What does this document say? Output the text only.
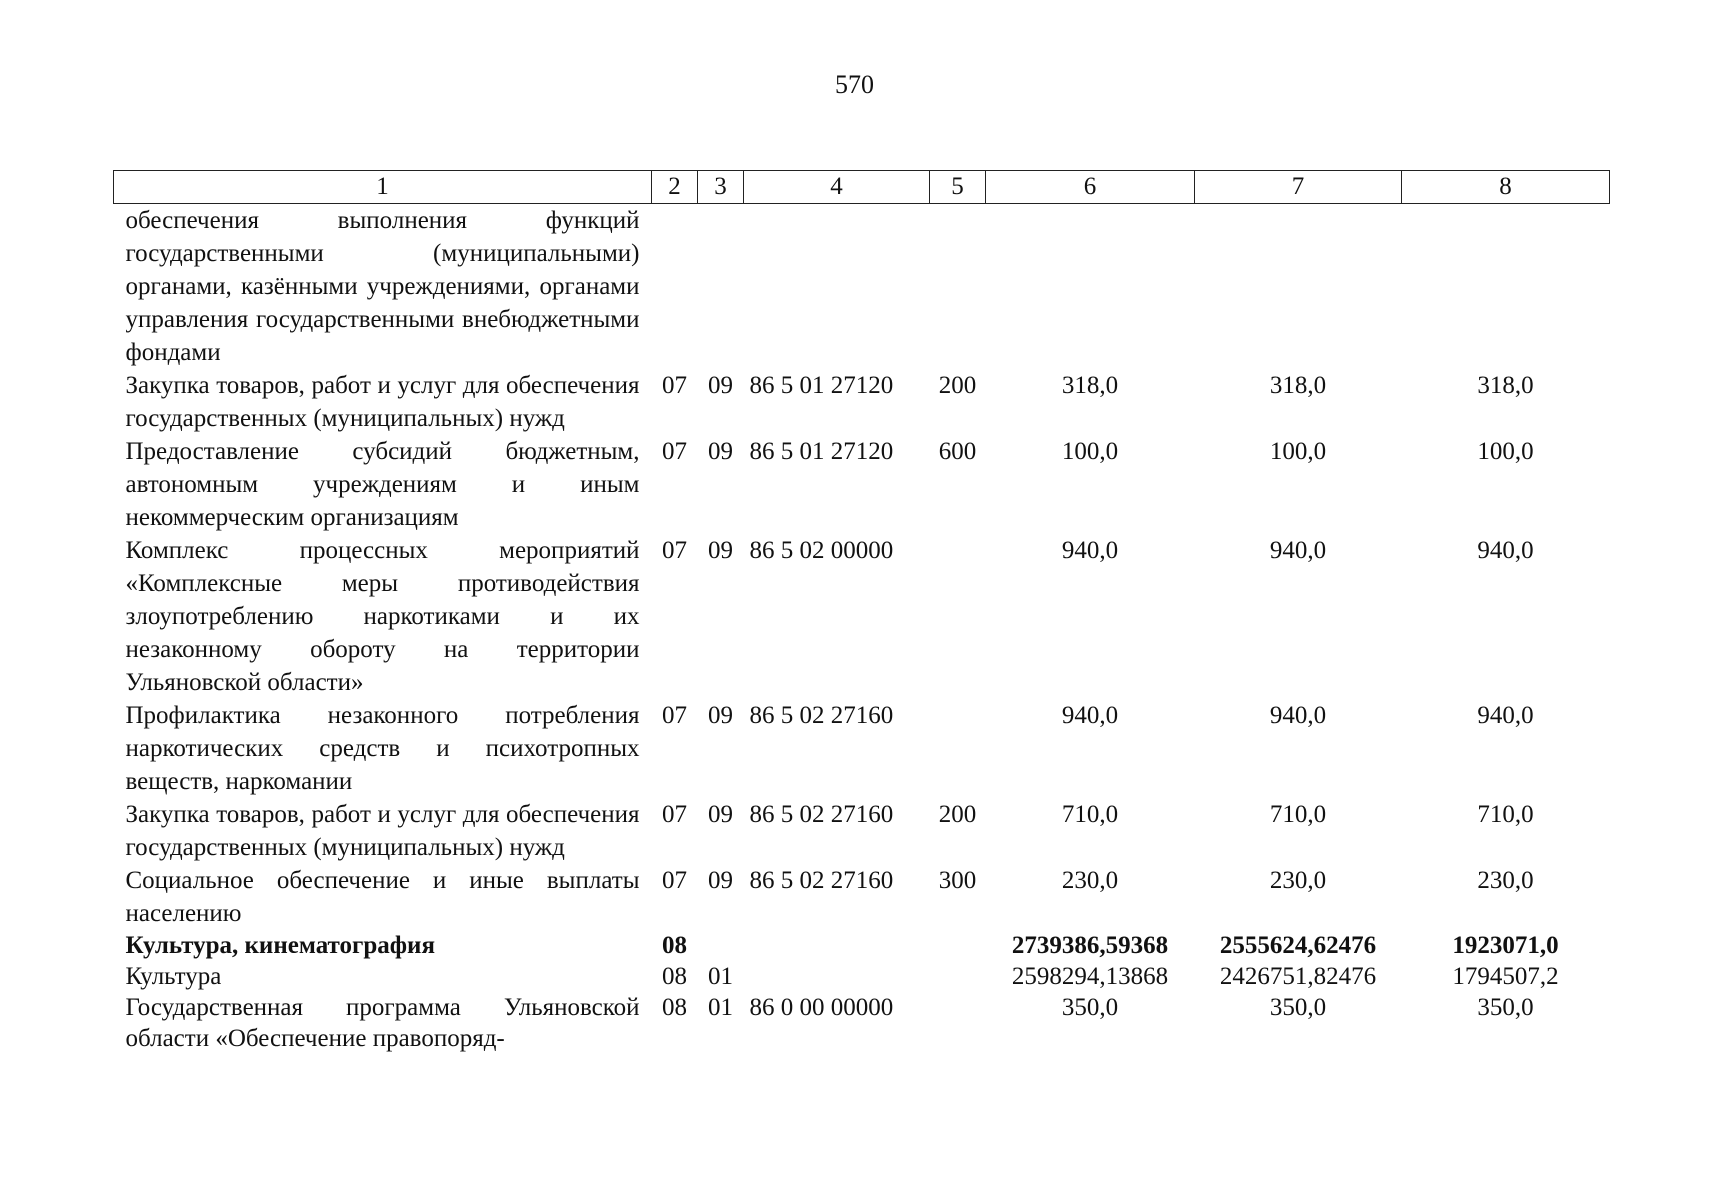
570
1	2	3	4	5	6	7	8
обеспечения выполнения функций государственными (муниципальными) органами, казёнными учреждениями, органами управления государственными внебюджетными фондами							
Закупка товаров, работ и услуг для обеспечения государственных (муниципальных) нужд	07	09	86 5 01 27120	200	318,0	318,0	318,0
Предоставление субсидий бюджетным, автономным учреждениям и иным некоммерческим организациям	07	09	86 5 01 27120	600	100,0	100,0	100,0
Комплекс процессных мероприятий «Комплексные меры противодействия злоупотреблению наркотиками и их незаконному обороту на территории Ульяновской области»	07	09	86 5 02 00000		940,0	940,0	940,0
Профилактика незаконного потребления наркотических средств и психотропных веществ, наркомании	07	09	86 5 02 27160		940,0	940,0	940,0
Закупка товаров, работ и услуг для обеспечения государственных (муниципальных) нужд	07	09	86 5 02 27160	200	710,0	710,0	710,0
Социальное обеспечение и иные выплаты населению	07	09	86 5 02 27160	300	230,0	230,0	230,0
Культура, кинематография	08				2739386,59368	2555624,62476	1923071,0
Культура	08	01			2598294,13868	2426751,82476	1794507,2
Государственная программа Ульяновской области «Обеспечение правопоряд-	08	01	86 0 00 00000		350,0	350,0	350,0
